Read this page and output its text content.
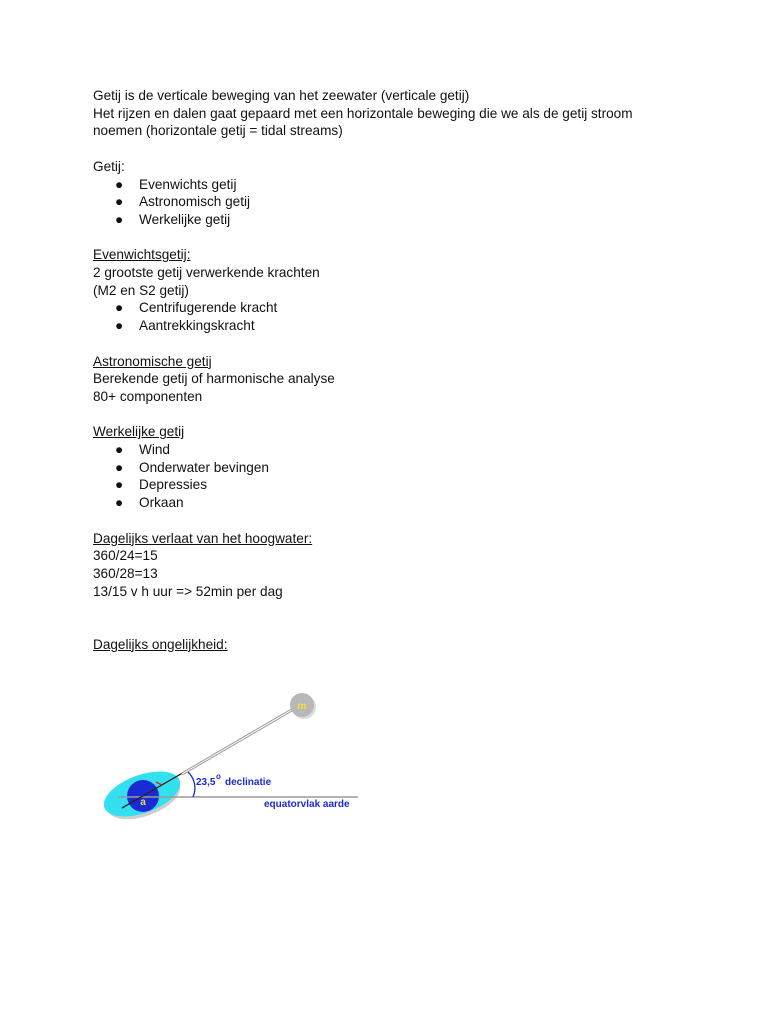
Getij is de verticale beweging van het zeewater (verticale getij)

Het rijzen en dalen gaat gepaard met een horizontale beweging die we als de getij stroom

noemen (horizontale getij = tidal streams)

Getij:

● Evenwichts getij
● Astronomisch getij
● Werkelijke getij

Evenwichtsgetij:

2 grootste getij verwerkende krachten

(M2 en S2 getij)

● Centrifugerende kracht
● Aantrekkingskracht

Astronomische getij

Berekende getij of harmonische analyse

80+ componenten

Werkelijke getij

● Wind
● Onderwater bevingen
● Depressies
● Orkaan

Dagelijks verlaat van het hoogwater:

360/24=15

360/28=13

13/15 v h uur => 52min per dag

Dagelijks ongelijkheid:

m
a
23,5
o
declinatie
equatorvlak aarde
